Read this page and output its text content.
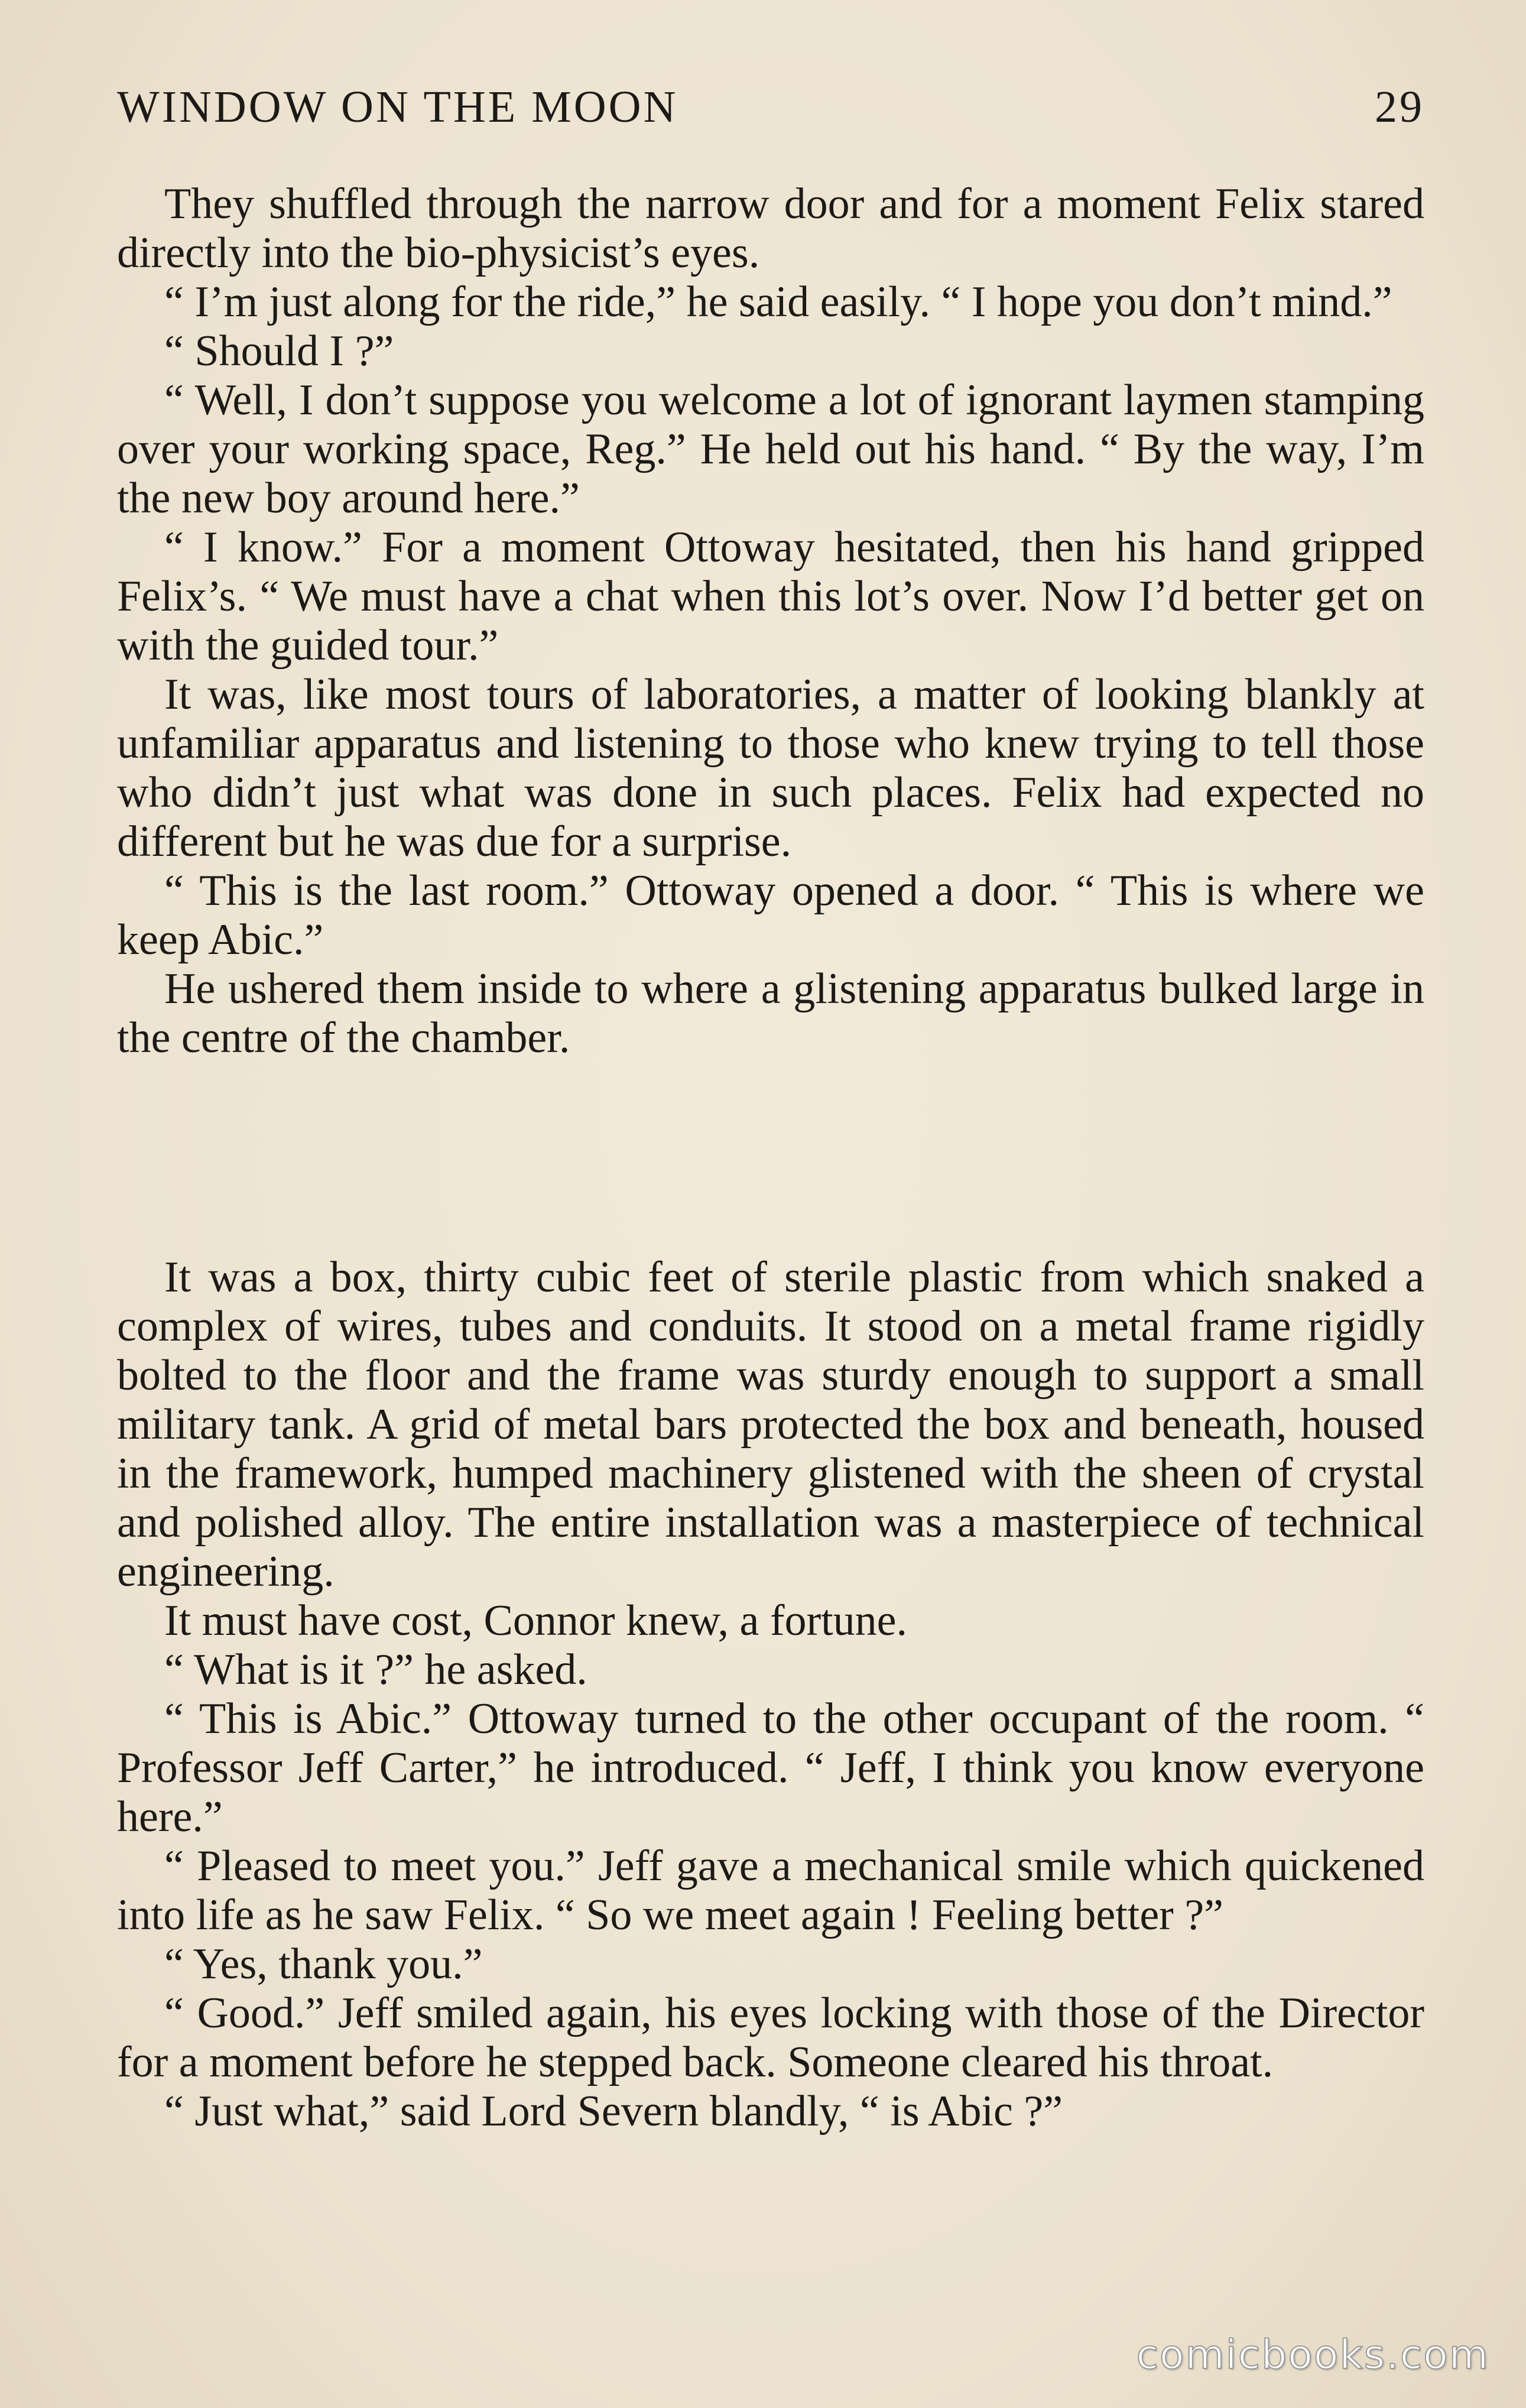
WINDOW ON THE MOON	29

They shuffled through the narrow door and for a moment Felix stared directly into the bio-physicist’s eyes.

“ I’m just along for the ride,” he said easily. “ I hope you don’t mind.”

“ Should I ?”

“ Well, I don’t suppose you welcome a lot of ignorant laymen stamping over your working space, Reg.” He held out his hand. “ By the way, I’m the new boy around here.”

“ I know.” For a moment Ottoway hesitated, then his hand gripped Felix’s. “ We must have a chat when this lot’s over. Now I’d better get on with the guided tour.”

It was, like most tours of laboratories, a matter of looking blankly at unfamiliar apparatus and listening to those who knew trying to tell those who didn’t just what was done in such places. Felix had expected no different but he was due for a surprise.

“ This is the last room.” Ottoway opened a door. “ This is where we keep Abic.”

He ushered them inside to where a glistening apparatus bulked large in the centre of the chamber.

It was a box, thirty cubic feet of sterile plastic from which snaked a complex of wires, tubes and conduits. It stood on a metal frame rigidly bolted to the floor and the frame was sturdy enough to support a small military tank. A grid of metal bars protected the box and beneath, housed in the framework, humped machinery glistened with the sheen of crystal and polished alloy. The entire installation was a masterpiece of technical engineering.

It must have cost, Connor knew, a fortune.

“ What is it ?” he asked.

“ This is Abic.” Ottoway turned to the other occupant of the room. “ Professor Jeff Carter,” he introduced. “ Jeff, I think you know everyone here.”

“ Pleased to meet you.” Jeff gave a mechanical smile which quickened into life as he saw Felix. “ So we meet again ! Feeling better ?”

“ Yes, thank you.”

“ Good.” Jeff smiled again, his eyes locking with those of the Director for a moment before he stepped back. Someone cleared his throat.

“ Just what,” said Lord Severn blandly, “ is Abic ?”

comicbooks.com
